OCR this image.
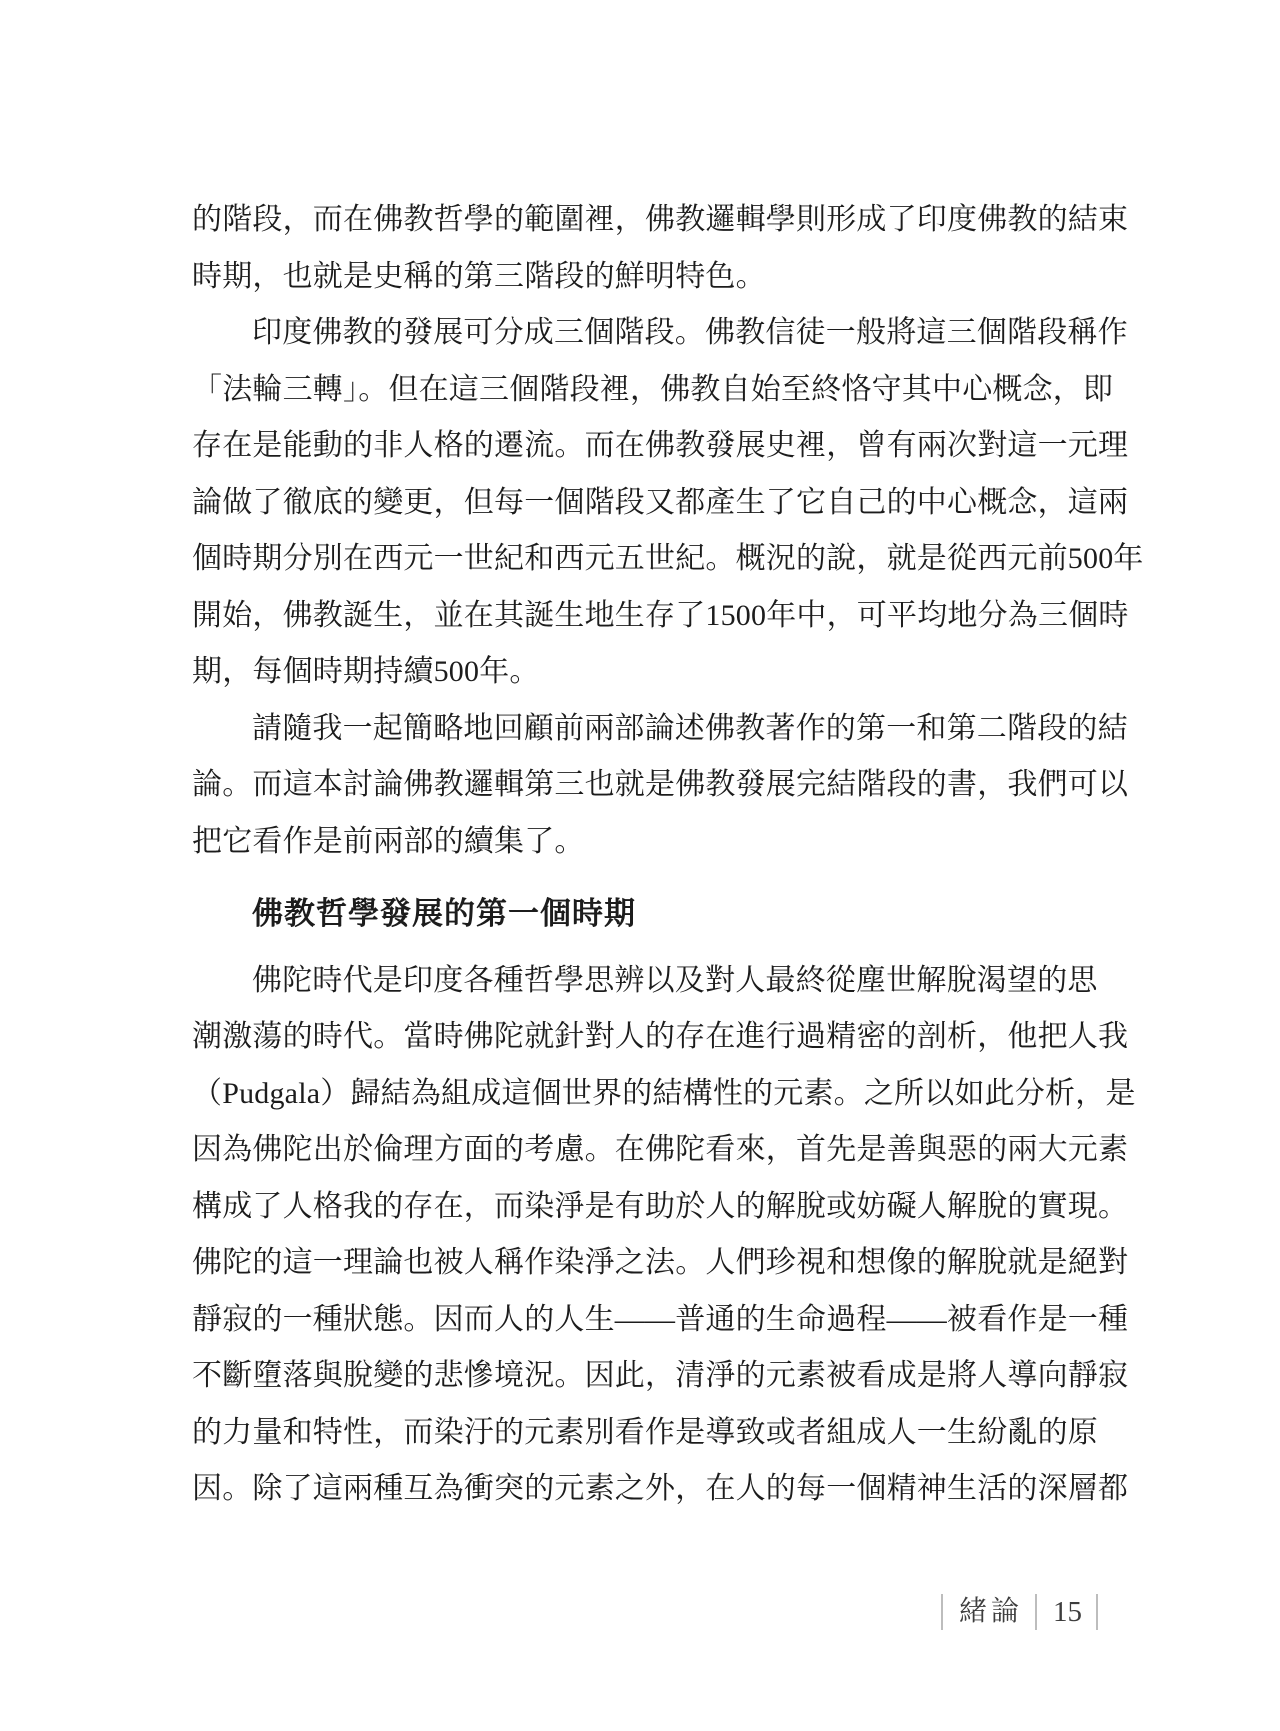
的階段，而在佛教哲學的範圍裡，佛教邏輯學則形成了印度佛教的結束
時期，也就是史稱的第三階段的鮮明特色。
印度佛教的發展可分成三個階段。佛教信徒一般將這三個階段稱作
「法輪三轉」。但在這三個階段裡，佛教自始至終恪守其中心概念，即
存在是能動的非人格的遷流。而在佛教發展史裡，曾有兩次對這一元理
論做了徹底的變更，但每一個階段又都產生了它自己的中心概念，這兩
個時期分別在西元一世紀和西元五世紀。概況的說，就是從西元前500年
開始，佛教誕生，並在其誕生地生存了1500年中，可平均地分為三個時
期，每個時期持續500年。
請隨我一起簡略地回顧前兩部論述佛教著作的第一和第二階段的結
論。而這本討論佛教邏輯第三也就是佛教發展完結階段的書，我們可以
把它看作是前兩部的續集了。
佛教哲學發展的第一個時期
佛陀時代是印度各種哲學思辨以及對人最終從塵世解脫渴望的思
潮激蕩的時代。當時佛陀就針對人的存在進行過精密的剖析，他把人我
（Pudgala）歸結為組成這個世界的結構性的元素。之所以如此分析，是
因為佛陀出於倫理方面的考慮。在佛陀看來，首先是善與惡的兩大元素
構成了人格我的存在，而染淨是有助於人的解脫或妨礙人解脫的實現。
佛陀的這一理論也被人稱作染淨之法。人們珍視和想像的解脫就是絕對
靜寂的一種狀態。因而人的人生——普通的生命過程——被看作是一種
不斷墮落與脫變的悲慘境況。因此，清淨的元素被看成是將人導向靜寂
的力量和特性，而染汙的元素別看作是導致或者組成人一生紛亂的原
因。除了這兩種互為衝突的元素之外，在人的每一個精神生活的深層都
緒論 15
